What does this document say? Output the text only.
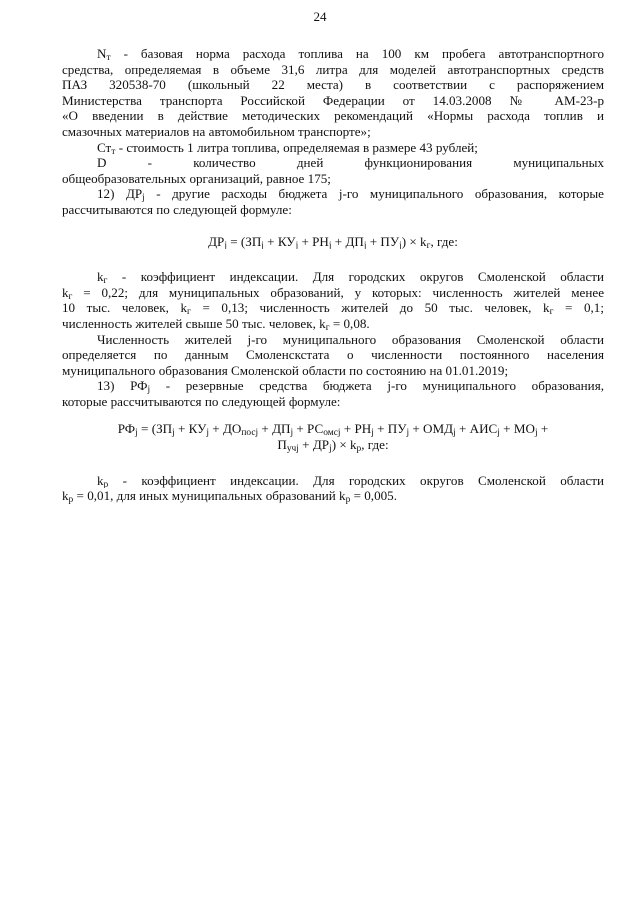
24
$N_т$ - базовая норма расхода топлива на 100 км пробега автотранспортного
средства, определяемая в объеме 31,6 литра для моделей автотранспортных средств
ПАЗ 320538-70 (школьный 22 места) в соответствии с распоряжением
Министерства транспорта Российской Федерации от 14.03.2008 № АМ-23-р
«О введении в действие методических рекомендаций «Нормы расхода топлив и
смазочных материалов на автомобильном транспорте»;
$Ст_т$ - стоимость 1 литра топлива, определяемая в размере 43 рублей;
D - количество дней функционирования муниципальных
общеобразовательных организаций, равное 175;
12) $ДР_j$ - другие расходы бюджета j-го муниципального образования, которые
рассчитываются по следующей формуле:
$ДР_j = (ЗП_j + КУ_j + РН_j + ДП_j + ПУ_j) \times k_г$, где:
$k_г$ - коэффициент индексации. Для городских округов Смоленской области
$k_г = 0,22$; для муниципальных образований, у которых: численность жителей менее
10 тыс. человек, $k_г = 0,13$; численность жителей до 50 тыс. человек, $k_г = 0,1$;
численность жителей свыше 50 тыс. человек, $k_г = 0,08$.
Численность жителей j-го муниципального образования Смоленской области
определяется по данным Смоленскстата о численности постоянного населения
муниципального образования Смоленской области по состоянию на 01.01.2019;
13) $РФ_j$ - резервные средства бюджета j-го муниципального образования,
которые рассчитываются по следующей формуле:
$РФ_j = (ЗП_j + КУ_j + ДО_{посj} + ДП_j + РС_{омсj} + РН_j + ПУ_j + ОМД_j + АИС_j + МО_j$ +
$П_{учj} + ДР_j) \times k_р$, где:
$k_р$ - коэффициент индексации. Для городских округов Смоленской области
$k_р = 0,01$, для иных муниципальных образований $k_р = 0,005$.
